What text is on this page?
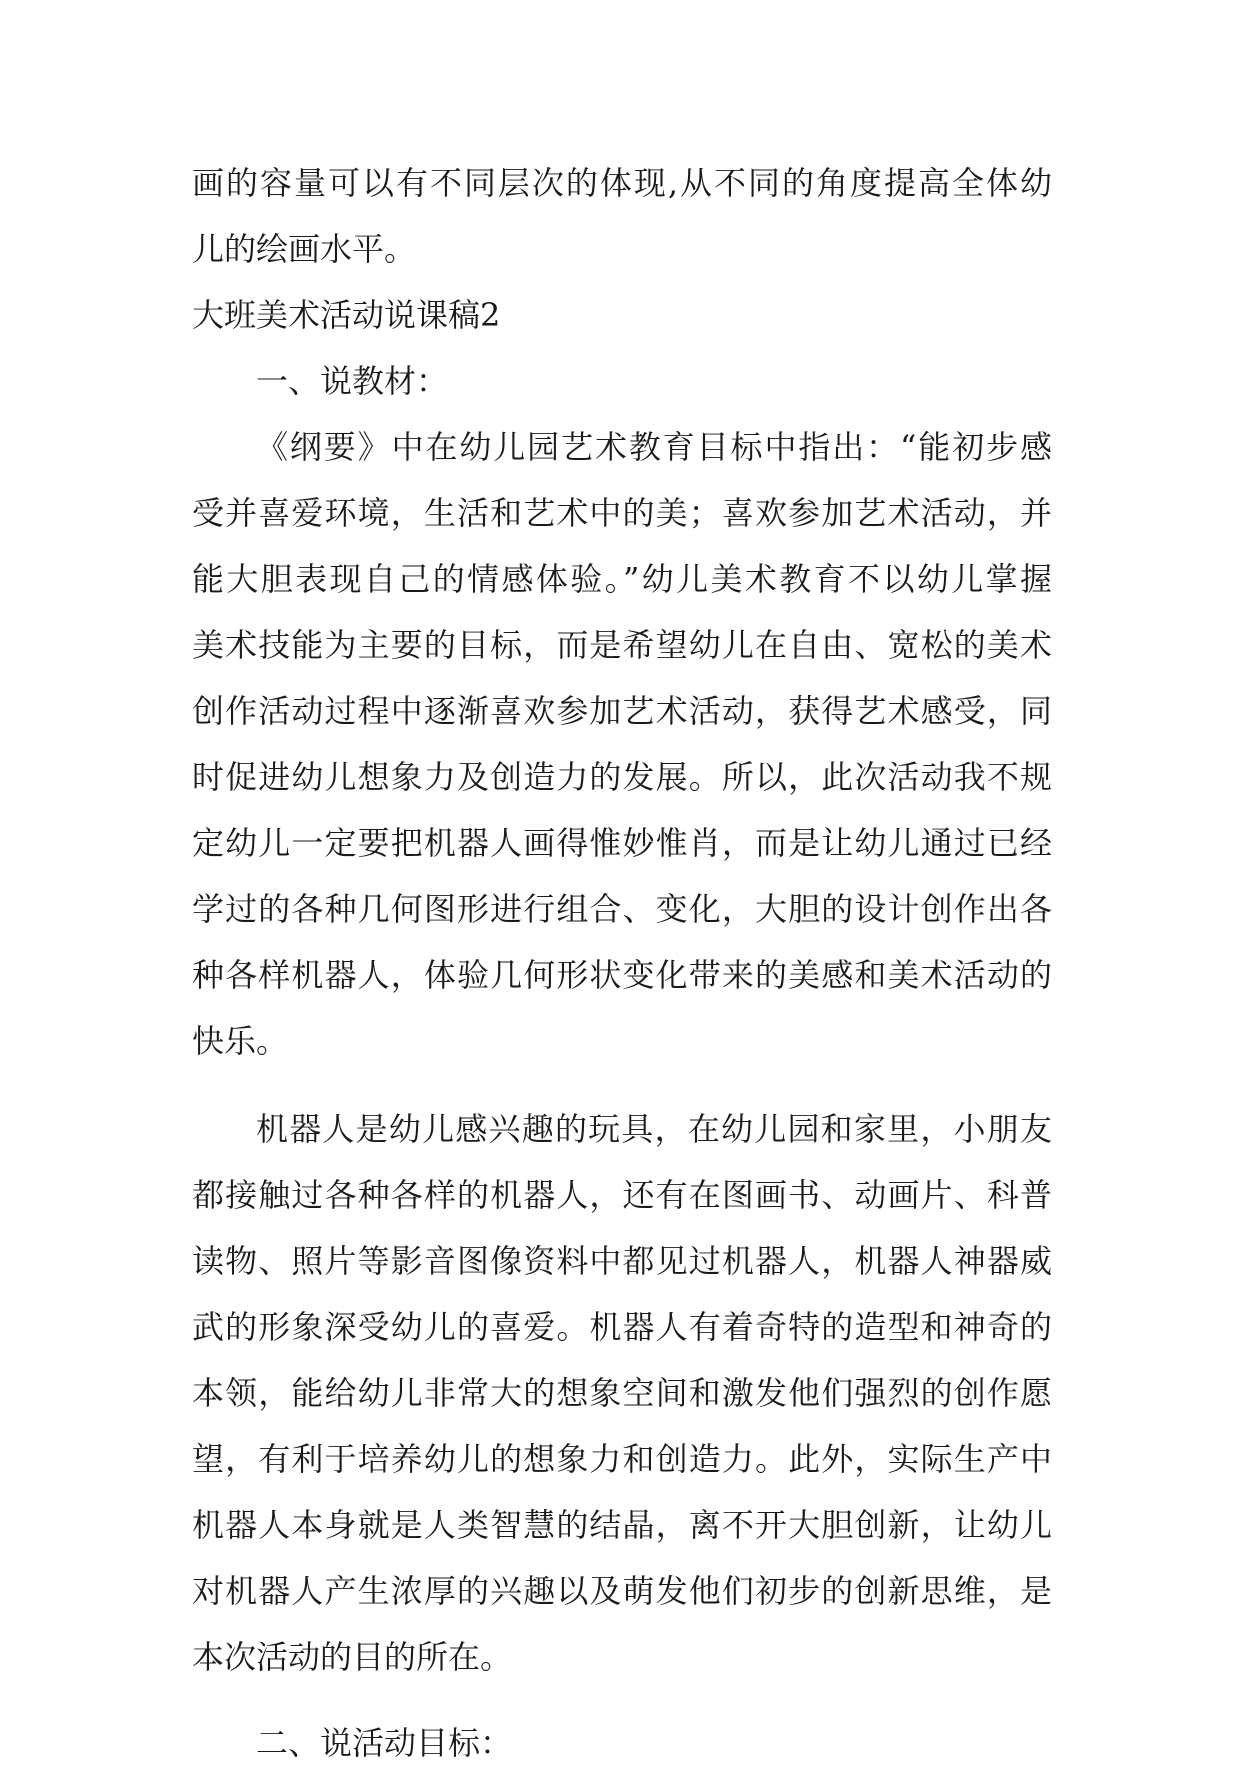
画的容量可以有不同层次的体现,从不同的角度提高全体幼
儿的绘画水平。
大班美术活动说课稿2
一、说教材：
《纲要》中在幼儿园艺术教育目标中指出：“能初步感
受并喜爱环境，生活和艺术中的美；喜欢参加艺术活动，并
能大胆表现自己的情感体验。”幼儿美术教育不以幼儿掌握
美术技能为主要的目标，而是希望幼儿在自由、宽松的美术
创作活动过程中逐渐喜欢参加艺术活动，获得艺术感受，同
时促进幼儿想象力及创造力的发展。所以，此次活动我不规
定幼儿一定要把机器人画得惟妙惟肖，而是让幼儿通过已经
学过的各种几何图形进行组合、变化，大胆的设计创作出各
种各样机器人，体验几何形状变化带来的美感和美术活动的
快乐。
机器人是幼儿感兴趣的玩具，在幼儿园和家里，小朋友
都接触过各种各样的机器人，还有在图画书、动画片、科普
读物、照片等影音图像资料中都见过机器人，机器人神器威
武的形象深受幼儿的喜爱。机器人有着奇特的造型和神奇的
本领，能给幼儿非常大的想象空间和激发他们强烈的创作愿
望，有利于培养幼儿的想象力和创造力。此外，实际生产中
机器人本身就是人类智慧的结晶，离不开大胆创新，让幼儿
对机器人产生浓厚的兴趣以及萌发他们初步的创新思维，是
本次活动的目的所在。
二、说活动目标：
